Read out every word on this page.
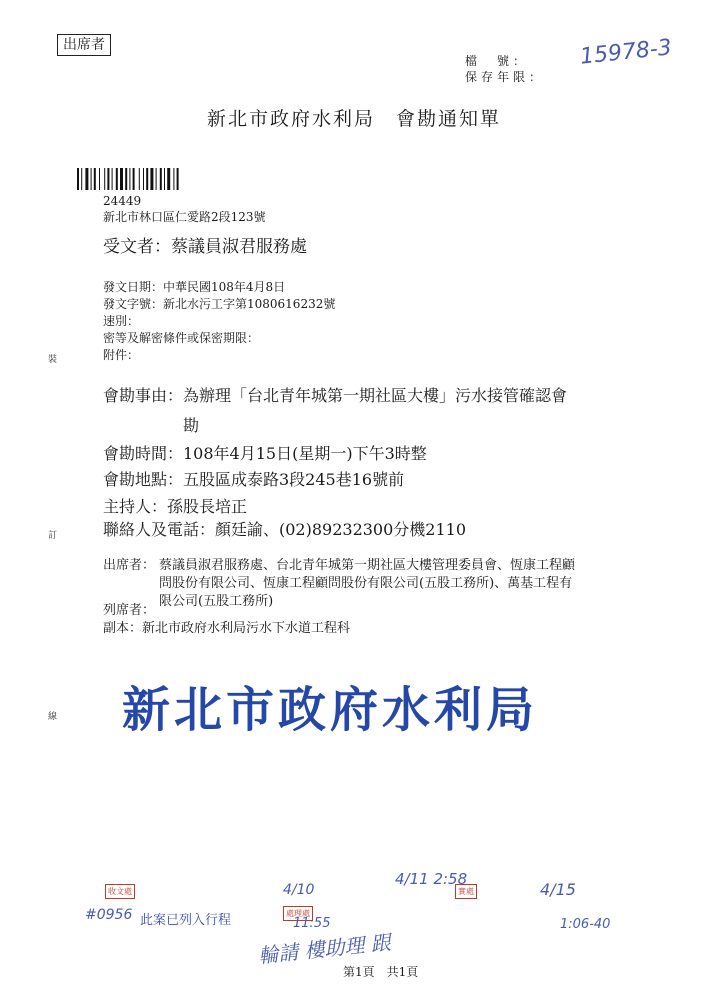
出席者
檔　號：
保存年限：
15978-3
新北市政府水利局　會勘通知單
24449
新北市林口區仁愛路2段123號
受文者：蔡議員淑君服務處
發文日期：中華民國108年4月8日
發文字號：新北水污工字第1080616232號
速別：
密等及解密條件或保密期限：
附件：
會勘事由：為辦理「台北青年城第一期社區大樓」污水接管確認會
勘
會勘時間：108年4月15日(星期一)下午3時整
會勘地點：五股區成泰路3段245巷16號前
主持人：孫股長培正
聯絡人及電話：顏廷諭、(02)89232300分機2110
出席者： 蔡議員淑君服務處、台北青年城第一期社區大樓管理委員會、恆康工程顧
問股份有限公司、恆康工程顧問股份有限公司(五股工務所)、萬基工程有
限公司(五股工務所)
列席者：
副本：新北市政府水利局污水下水道工程科
裝
訂
線 新北市政府水利局
收文處
處理處
實處
#0956 此案已列入行程
4/10
11:55
4/11 2:58
4/15
1:06-40
輪請 樓助理 跟
第1頁　共1頁
